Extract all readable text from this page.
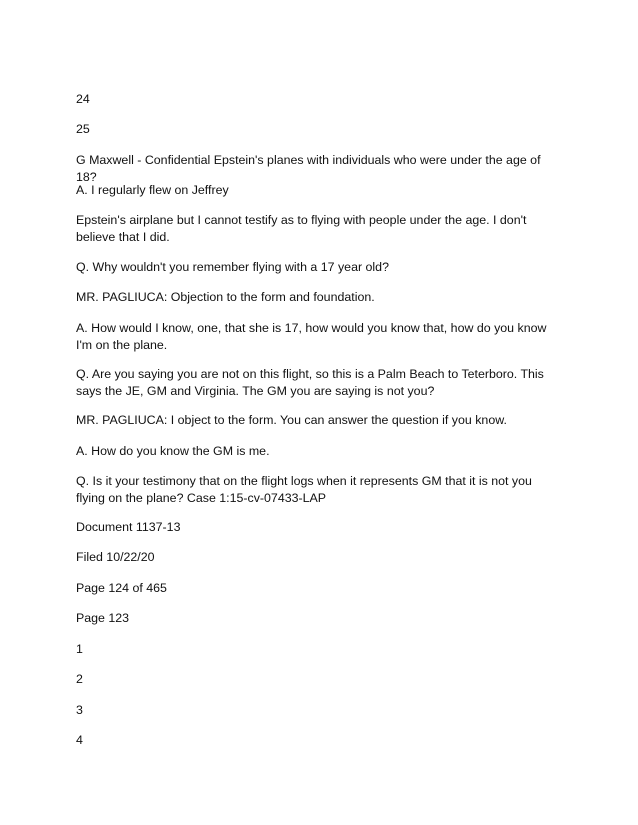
24

25

G Maxwell - Confidential Epstein's planes with individuals who were under the age of 18?

A. I regularly flew on Jeffrey

Epstein's airplane but I cannot testify as to flying with people under the age. I don't believe that I did.

Q. Why wouldn't you remember flying with a 17 year old?

MR. PAGLIUCA: Objection to the form and foundation.

A. How would I know, one, that she is 17, how would you know that, how do you know I'm on the plane.

Q. Are you saying you are not on this flight, so this is a Palm Beach to Teterboro. This says the JE, GM and Virginia. The GM you are saying is not you?

MR. PAGLIUCA: I object to the form. You can answer the question if you know.

A. How do you know the GM is me.

Q. Is it your testimony that on the flight logs when it represents GM that it is not you flying on the plane? Case 1:15-cv-07433-LAP

Document 1137-13

Filed 10/22/20

Page 124 of 465

Page 123

1

2

3

4
